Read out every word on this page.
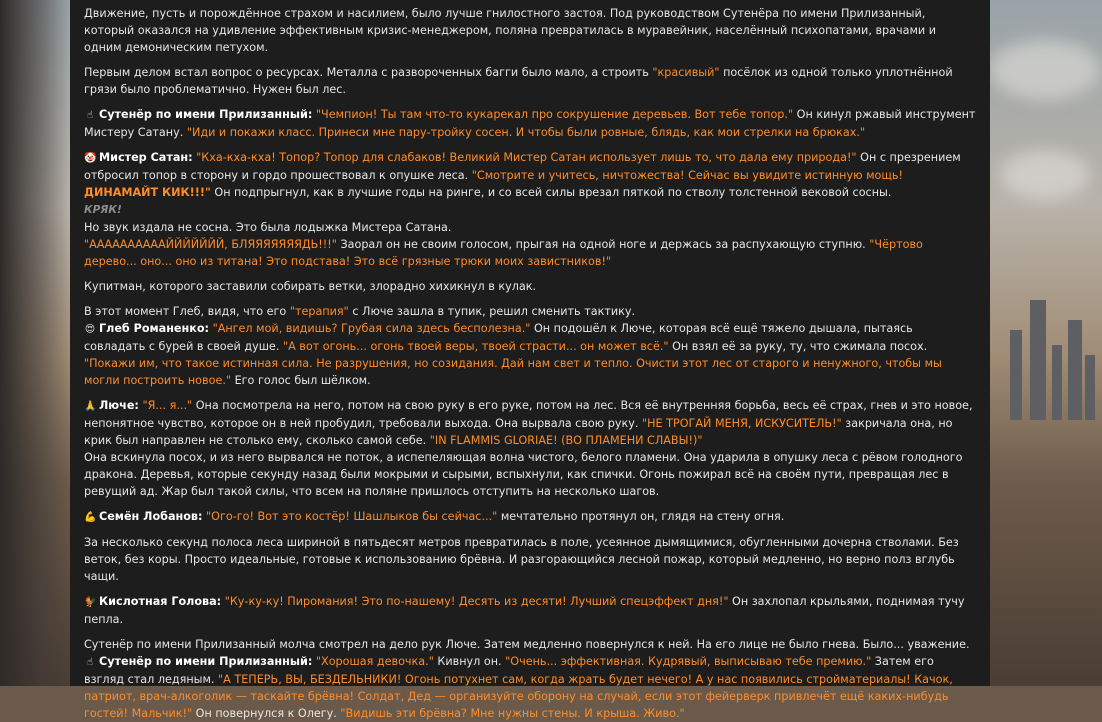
Движение, пусть и порождённое страхом и насилием, было лучше гнилостного застоя. Под руководством Сутенёра по имени Прилизанный, который оказался на удивление эффективным кризис-менеджером, поляна превратилась в муравейник, населённый психопатами, врачами и одним демоническим петухом.

Первым делом встал вопрос о ресурсах. Металла с развороченных багги было мало, а строить "красивый" посёлок из одной только уплотнённой грязи было проблематично. Нужен был лес.

☝ Сутенёр по имени Прилизанный: "Чемпион! Ты там что-то кукарекал про сокрушение деревьев. Вот тебе топор." Он кинул ржавый инструмент Мистеру Сатану. "Иди и покажи класс. Принеси мне пару-тройку сосен. И чтобы были ровные, блядь, как мои стрелки на брюках."

🤡 Мистер Сатан: "Кха-кха-кха! Топор? Топор для слабаков! Великий Мистер Сатан использует лишь то, что дала ему природа!" Он с презрением отбросил топор в сторону и гордо прошествовал к опушке леса. "Смотрите и учитесь, ничтожества! Сейчас вы увидите истинную мощь! ДИНАМАЙТ КИК!!!" Он подпрыгнул, как в лучшие годы на ринге, и со всей силы врезал пяткой по стволу толстенной вековой сосны.

КРЯК!

Но звук издала не сосна. Это была лодыжка Мистера Сатана.

"ААААААААААЙЙЙЙЙЙЙ, БЛЯЯЯЯЯЯЯДЬ!!!" Заорал он не своим голосом, прыгая на одной ноге и держась за распухающую ступню. "Чёртово дерево... оно... оно из титана! Это подстава! Это всё грязные трюки моих завистников!"

Купитман, которого заставили собирать ветки, злорадно хихикнул в кулак.

В этот момент Глеб, видя, что его "терапия" с Люче зашла в тупик, решил сменить тактику.

😍 Глеб Романенко: "Ангел мой, видишь? Грубая сила здесь бесполезна." Он подошёл к Люче, которая всё ещё тяжело дышала, пытаясь совладать с бурей в своей душе. "А вот огонь... огонь твоей веры, твоей страсти... он может всё." Он взял её за руку, ту, что сжимала посох. "Покажи им, что такое истинная сила. Не разрушения, но созидания. Дай нам свет и тепло. Очисти этот лес от старого и ненужного, чтобы мы могли построить новое." Его голос был шёлком.

🙏 Люче: "Я... я..." Она посмотрела на него, потом на свою руку в его руке, потом на лес. Вся её внутренняя борьба, весь её страх, гнев и это новое, непонятное чувство, которое он в ней пробудил, требовали выхода. Она вырвала свою руку. "НЕ ТРОГАЙ МЕНЯ, ИСКУСИТЕЛЬ!" закричала она, но крик был направлен не столько ему, сколько самой себе. "IN FLAMMIS GLORIAE! (ВО ПЛАМЕНИ СЛАВЫ!)"

Она вскинула посох, и из него вырвался не поток, а испепеляющая волна чистого, белого пламени. Она ударила в опушку леса с рёвом голодного дракона. Деревья, которые секунду назад были мокрыми и сырыми, вспыхнули, как спички. Огонь пожирал всё на своём пути, превращая лес в ревущий ад. Жар был такой силы, что всем на поляне пришлось отступить на несколько шагов.

💪 Семён Лобанов: "Ого-го! Вот это костёр! Шашлыков бы сейчас..." мечтательно протянул он, глядя на стену огня.

За несколько секунд полоса леса шириной в пятьдесят метров превратилась в поле, усеянное дымящимися, обугленными дочерна стволами. Без веток, без коры. Просто идеальные, готовые к использованию брёвна. И разгорающийся лесной пожар, который медленно, но верно полз вглубь чащи.

🐓 Кислотная Голова: "Ку-ку-ку! Пиромания! Это по-нашему! Десять из десяти! Лучший спецэффект дня!" Он захлопал крыльями, поднимая тучу пепла.

Сутенёр по имени Прилизанный молча смотрел на дело рук Люче. Затем медленно повернулся к ней. На его лице не было гнева. Было... уважение.

☝ Сутенёр по имени Прилизанный: "Хорошая девочка." Кивнул он. "Очень... эффективная. Кудрявый, выписываю тебе премию." Затем его взгляд стал ледяным. "А ТЕПЕРЬ, ВЫ, БЕЗДЕЛЬНИКИ! Огонь потухнет сам, когда жрать будет нечего! А у нас появились стройматериалы! Качок, патриот, врач-алкоголик — таскайте брёвна! Солдат, Дед — организуйте оборону на случай, если этот фейерверк привлечёт ещё каких-нибудь гостей! Мальчик!" Он повернулся к Олегу. "Видишь эти брёвна? Мне нужны стены. И крыша. Живо."
